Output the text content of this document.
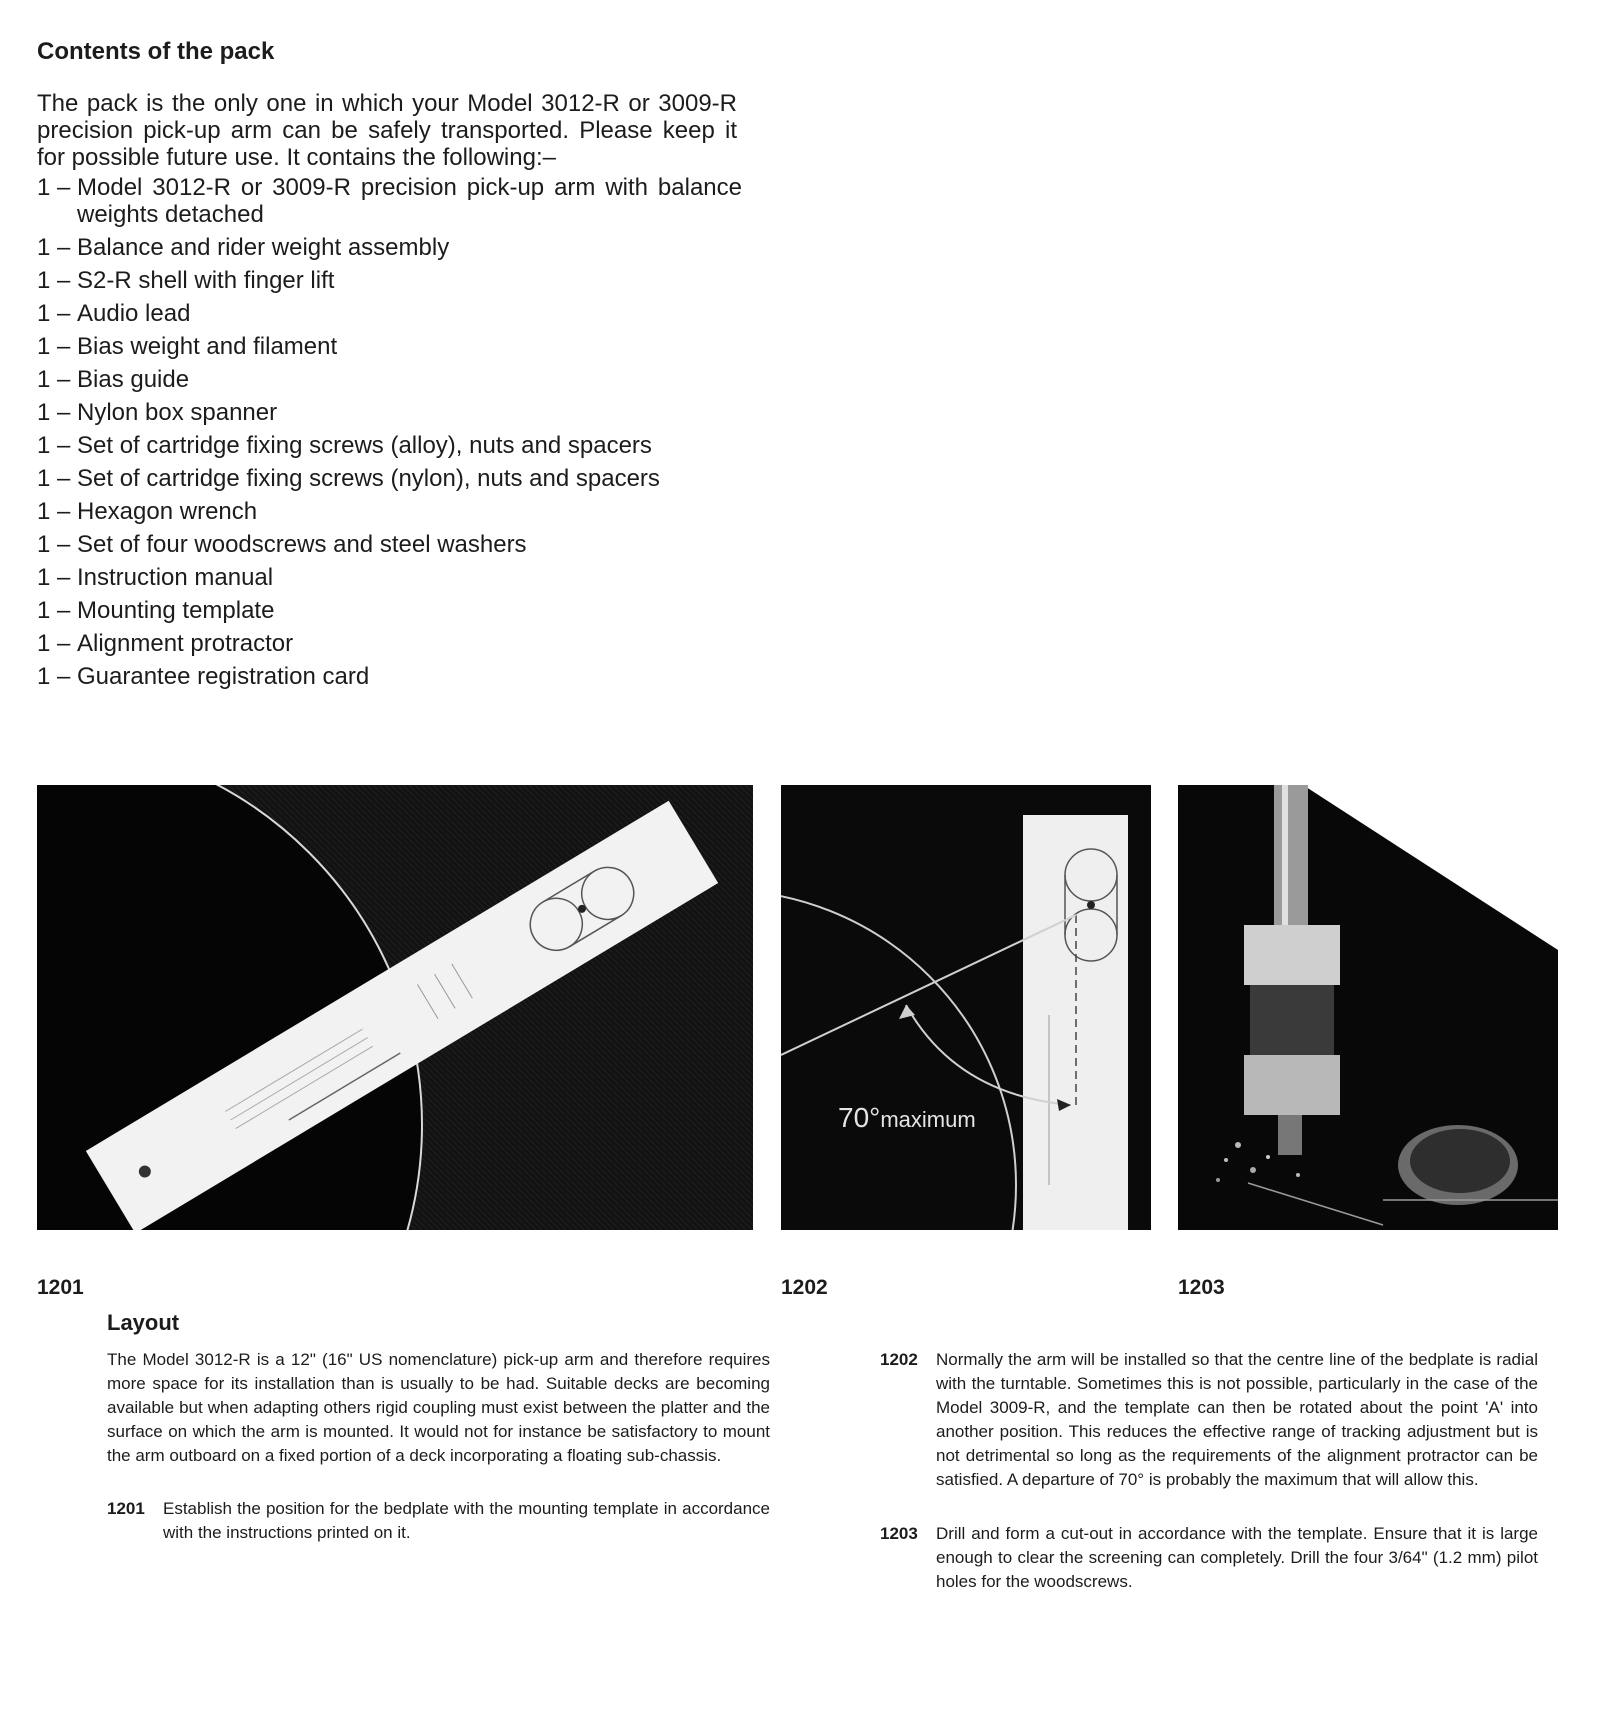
Contents of the pack
The pack is the only one in which your Model 3012-R or 3009-R precision pick-up arm can be safely transported. Please keep it for possible future use. It contains the following:–
1 – Model 3012-R or 3009-R precision pick-up arm with balance weights detached
1 – Balance and rider weight assembly
1 – S2-R shell with finger lift
1 – Audio lead
1 – Bias weight and filament
1 – Bias guide
1 – Nylon box spanner
1 – Set of cartridge fixing screws (alloy), nuts and spacers
1 – Set of cartridge fixing screws (nylon), nuts and spacers
1 – Hexagon wrench
1 – Set of four woodscrews and steel washers
1 – Instruction manual
1 – Mounting template
1 – Alignment protractor
1 – Guarantee registration card
70°maximum
1201	1202	1203
Layout
The Model 3012-R is a 12" (16" US nomenclature) pick-up arm and therefore requires more space for its installation than is usually to be had. Suitable decks are becoming available but when adapting others rigid coupling must exist between the platter and the surface on which the arm is mounted. It would not for instance be satisfactory to mount the arm outboard on a fixed portion of a deck incorporating a floating sub-chassis.
1201	Establish the position for the bedplate with the mounting template in accordance with the instructions printed on it.
1202	Normally the arm will be installed so that the centre line of the bedplate is radial with the turntable. Sometimes this is not possible, particularly in the case of the Model 3009-R, and the template can then be rotated about the point 'A' into another position. This reduces the effective range of tracking adjustment but is not detrimental so long as the requirements of the alignment protractor can be satisfied. A departure of 70° is probably the maximum that will allow this.
1203	Drill and form a cut-out in accordance with the template. Ensure that it is large enough to clear the screening can completely. Drill the four 3/64" (1.2 mm) pilot holes for the woodscrews.
